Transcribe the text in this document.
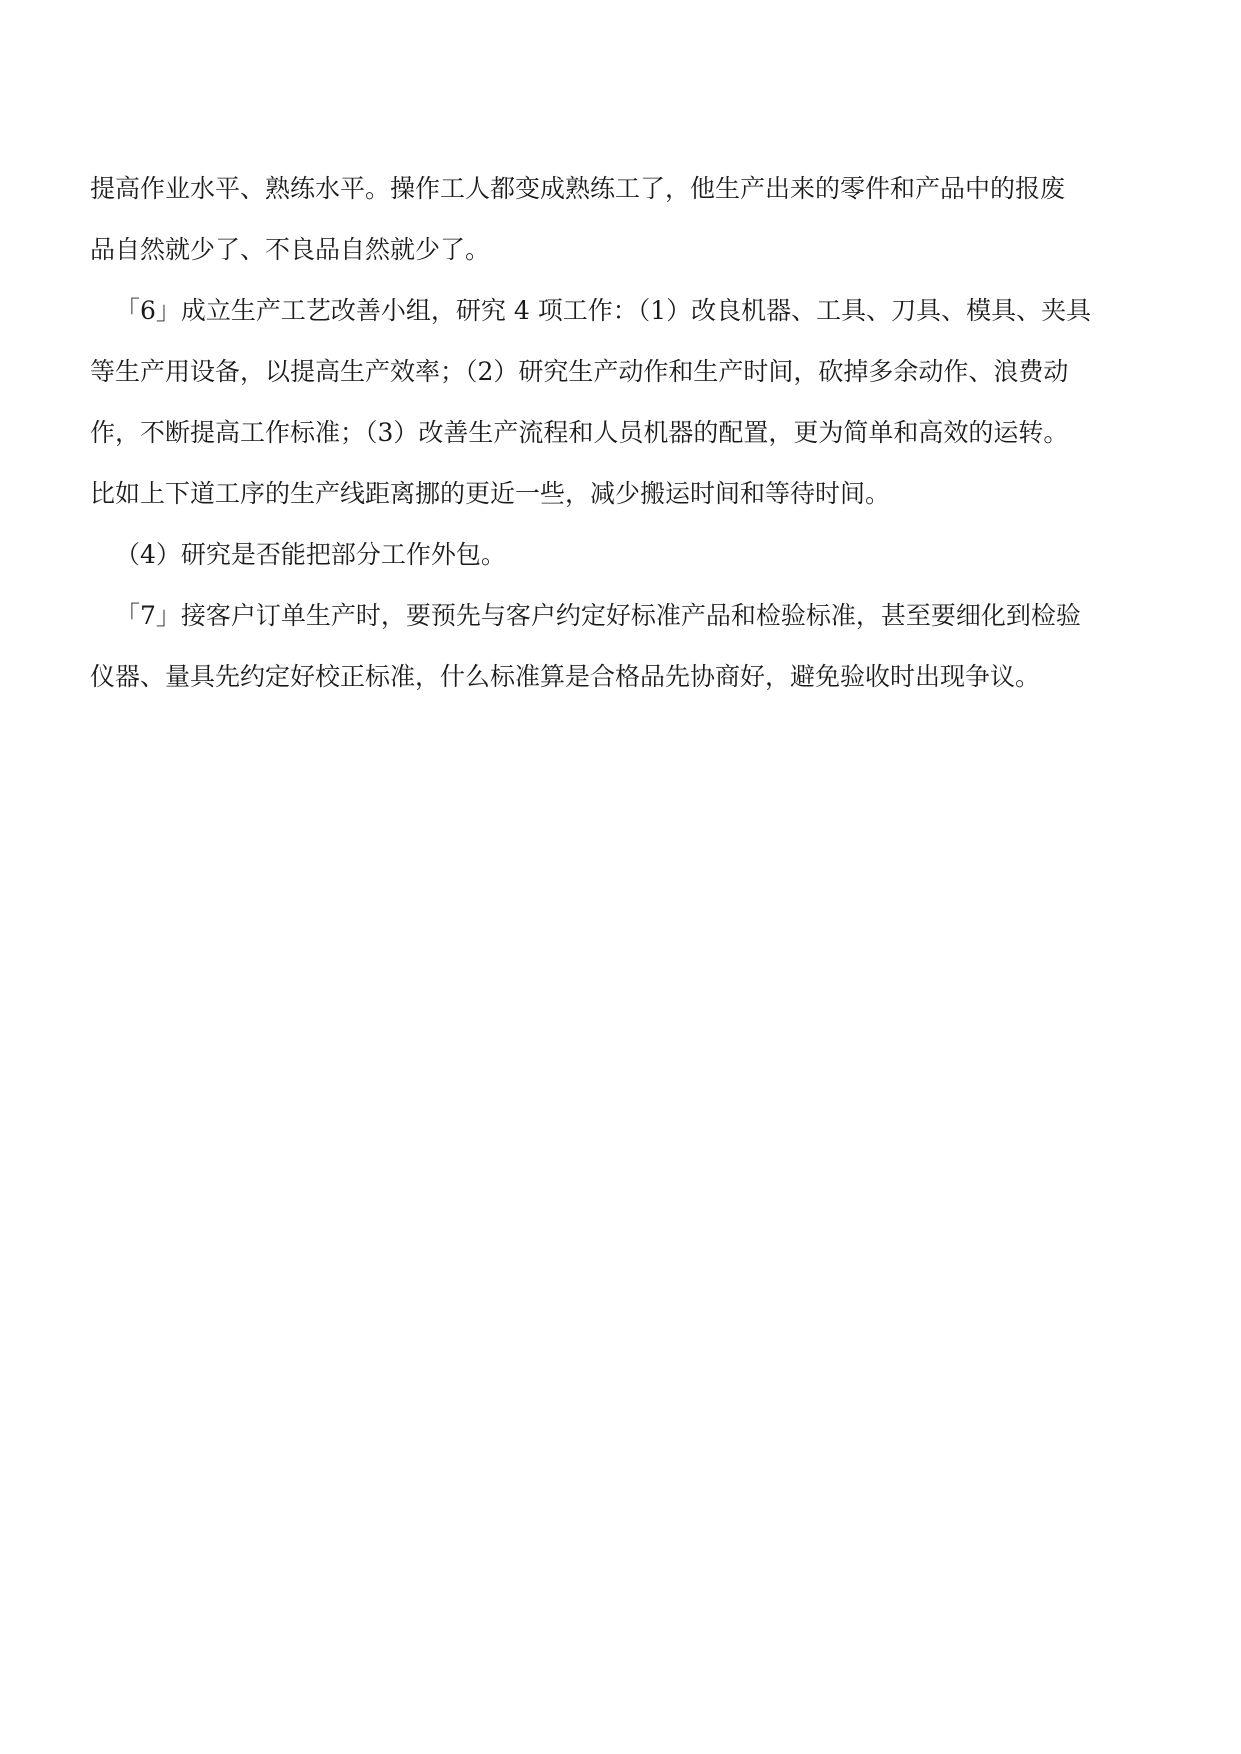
提高作业水平、熟练水平。操作工人都变成熟练工了，他生产出来的零件和产品中的报废
品自然就少了、不良品自然就少了。

「6」成立生产工艺改善小组，研究 4 项工作：（1）改良机器、工具、刀具、模具、夹具

等生产用设备，以提高生产效率；（2）研究生产动作和生产时间，砍掉多余动作、浪费动
作，不断提高工作标准；（3）改善生产流程和人员机器的配置，更为简单和高效的运转。
比如上下道工序的生产线距离挪的更近一些，减少搬运时间和等待时间。

（4）研究是否能把部分工作外包。

「7」接客户订单生产时，要预先与客户约定好标准产品和检验标准，甚至要细化到检验

仪器、量具先约定好校正标准，什么标准算是合格品先协商好，避免验收时出现争议。
